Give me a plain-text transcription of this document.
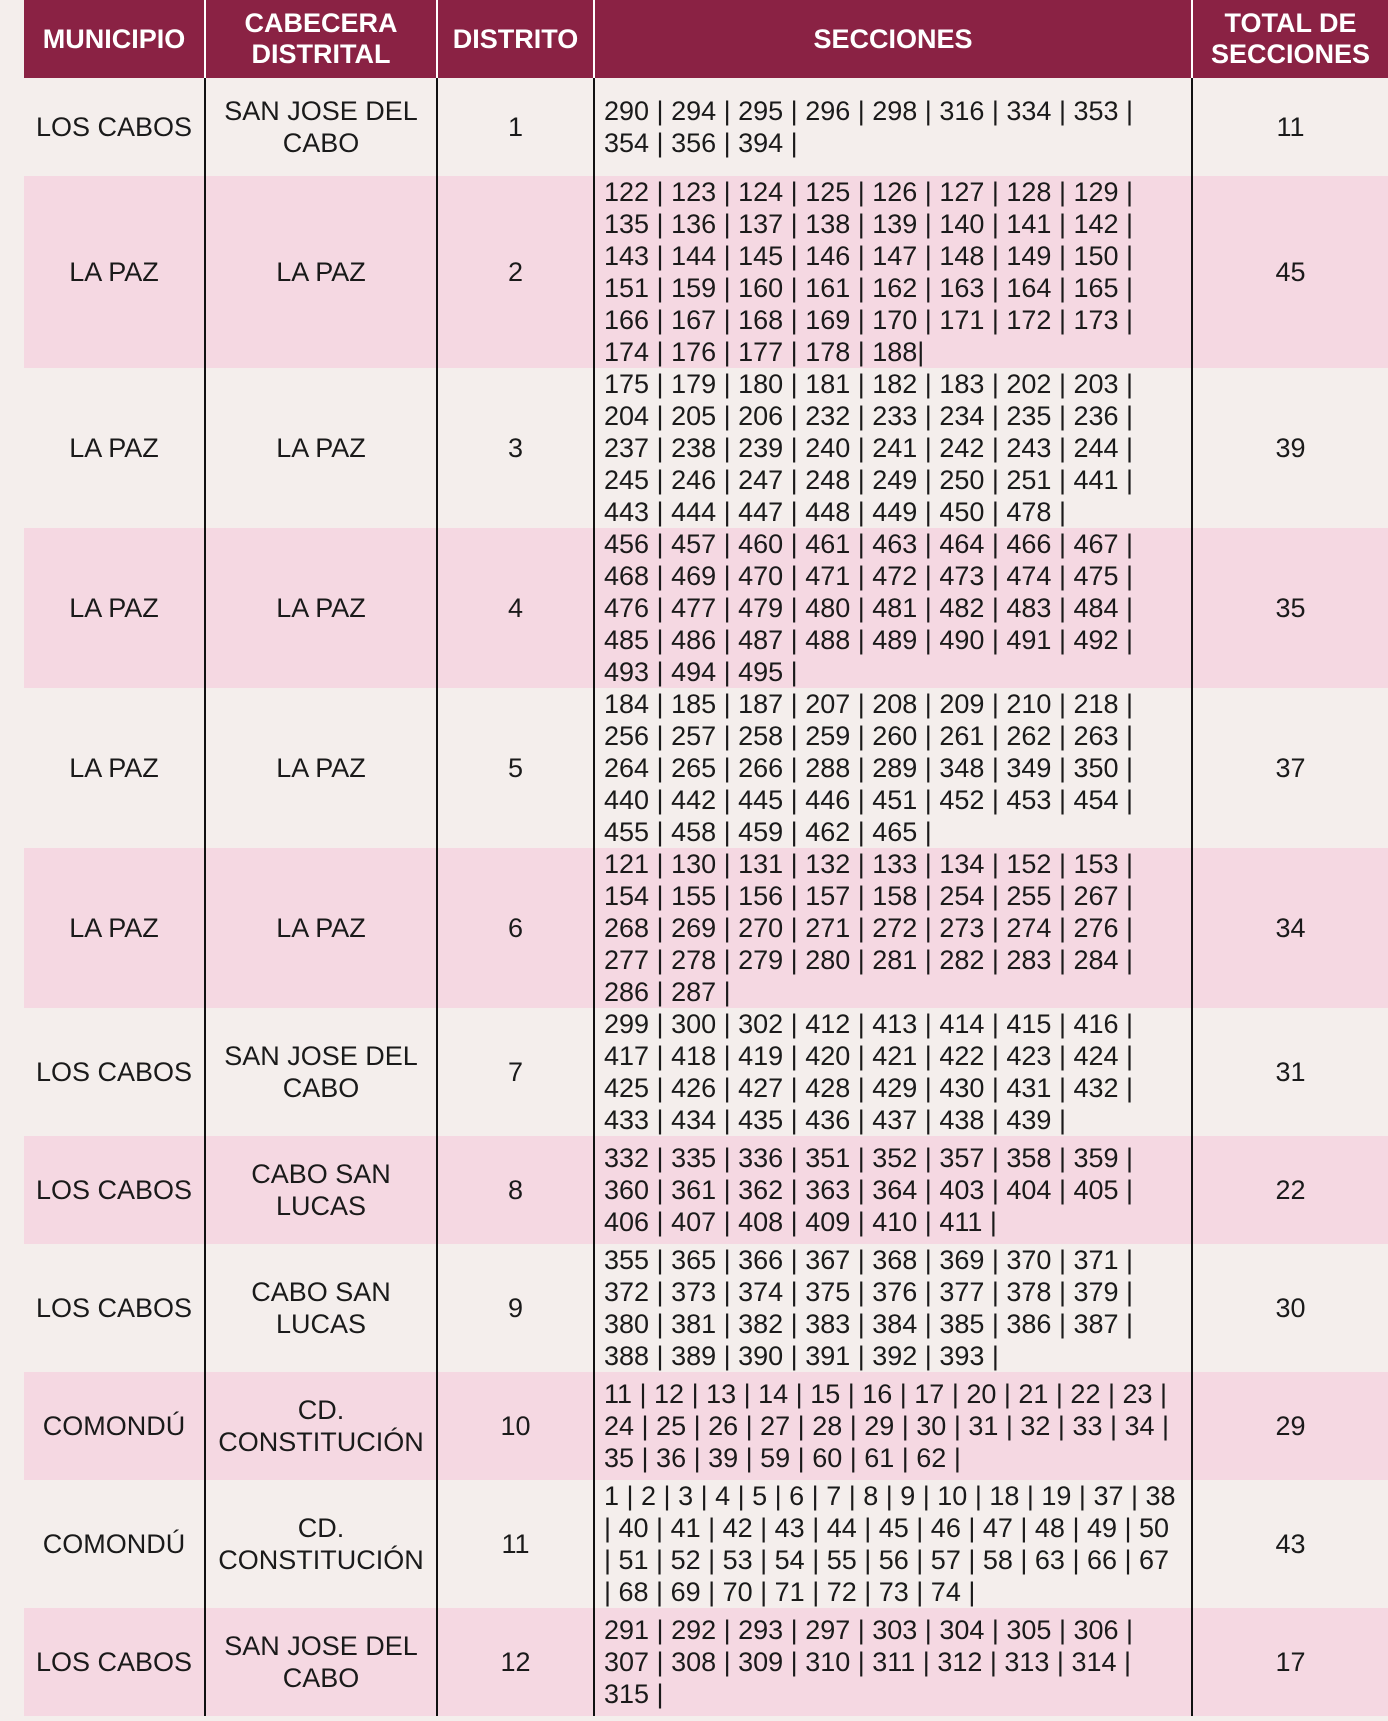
MUNICIPIO	CABECERA DISTRITAL	DISTRITO	SECCIONES	TOTAL DE SECCIONES
LOS CABOS	SAN JOSE DEL CABO	1	290 | 294 | 295 | 296 | 298 | 316 | 334 | 353 | 354 | 356 | 394 |	11
LA PAZ	LA PAZ	2	122 | 123 | 124 | 125 | 126 | 127 | 128 | 129 | 135 | 136 | 137 | 138 | 139 | 140 | 141 | 142 | 143 | 144 | 145 | 146 | 147 | 148 | 149 | 150 | 151 | 159 | 160 | 161 | 162 | 163 | 164 | 165 | 166 | 167 | 168 | 169 | 170 | 171 | 172 | 173 | 174 | 176 | 177 | 178 | 188|	45
LA PAZ	LA PAZ	3	175 | 179 | 180 | 181 | 182 | 183 | 202 | 203 | 204 | 205 | 206 | 232 | 233 | 234 | 235 | 236 | 237 | 238 | 239 | 240 | 241 | 242 | 243 | 244 | 245 | 246 | 247 | 248 | 249 | 250 | 251 | 441 | 443 | 444 | 447 | 448 | 449 | 450 | 478 |	39
LA PAZ	LA PAZ	4	456 | 457 | 460 | 461 | 463 | 464 | 466 | 467 | 468 | 469 | 470 | 471 | 472 | 473 | 474 | 475 | 476 | 477 | 479 | 480 | 481 | 482 | 483 | 484 | 485 | 486 | 487 | 488 | 489 | 490 | 491 | 492 | 493 | 494 | 495 |	35
LA PAZ	LA PAZ	5	184 | 185 | 187 | 207 | 208 | 209 | 210 | 218 | 256 | 257 | 258 | 259 | 260 | 261 | 262 | 263 | 264 | 265 | 266 | 288 | 289 | 348 | 349 | 350 | 440 | 442 | 445 | 446 | 451 | 452 | 453 | 454 | 455 | 458 | 459 | 462 | 465 |	37
LA PAZ	LA PAZ	6	121 | 130 | 131 | 132 | 133 | 134 | 152 | 153 | 154 | 155 | 156 | 157 | 158 | 254 | 255 | 267 | 268 | 269 | 270 | 271 | 272 | 273 | 274 | 276 | 277 | 278 | 279 | 280 | 281 | 282 | 283 | 284 | 286 | 287 |	34
LOS CABOS	SAN JOSE DEL CABO	7	299 | 300 | 302 | 412 | 413 | 414 | 415 | 416 | 417 | 418 | 419 | 420 | 421 | 422 | 423 | 424 | 425 | 426 | 427 | 428 | 429 | 430 | 431 | 432 | 433 | 434 | 435 | 436 | 437 | 438 | 439 |	31
LOS CABOS	CABO SAN LUCAS	8	332 | 335 | 336 | 351 | 352 | 357 | 358 | 359 | 360 | 361 | 362 | 363 | 364 | 403 | 404 | 405 | 406 | 407 | 408 | 409 | 410 | 411 |	22
LOS CABOS	CABO SAN LUCAS	9	355 | 365 | 366 | 367 | 368 | 369 | 370 | 371 | 372 | 373 | 374 | 375 | 376 | 377 | 378 | 379 | 380 | 381 | 382 | 383 | 384 | 385 | 386 | 387 | 388 | 389 | 390 | 391 | 392 | 393 |	30
COMONDÚ	CD. CONSTITUCIÓN	10	11 | 12 | 13 | 14 | 15 | 16 | 17 | 20 | 21 | 22 | 23 | 24 | 25 | 26 | 27 | 28 | 29 | 30 | 31 | 32 | 33 | 34 | 35 | 36 | 39 | 59 | 60 | 61 | 62 |	29
COMONDÚ	CD. CONSTITUCIÓN	11	1 | 2 | 3 | 4 | 5 | 6 | 7 | 8 | 9 | 10 | 18 | 19 | 37 | 38 | 40 | 41 | 42 | 43 | 44 | 45 | 46 | 47 | 48 | 49 | 50 | 51 | 52 | 53 | 54 | 55 | 56 | 57 | 58 | 63 | 66 | 67 | 68 | 69 | 70 | 71 | 72 | 73 | 74 |	43
LOS CABOS	SAN JOSE DEL CABO	12	291 | 292 | 293 | 297 | 303 | 304 | 305 | 306 | 307 | 308 | 309 | 310 | 311 | 312 | 313 | 314 | 315 |	17
